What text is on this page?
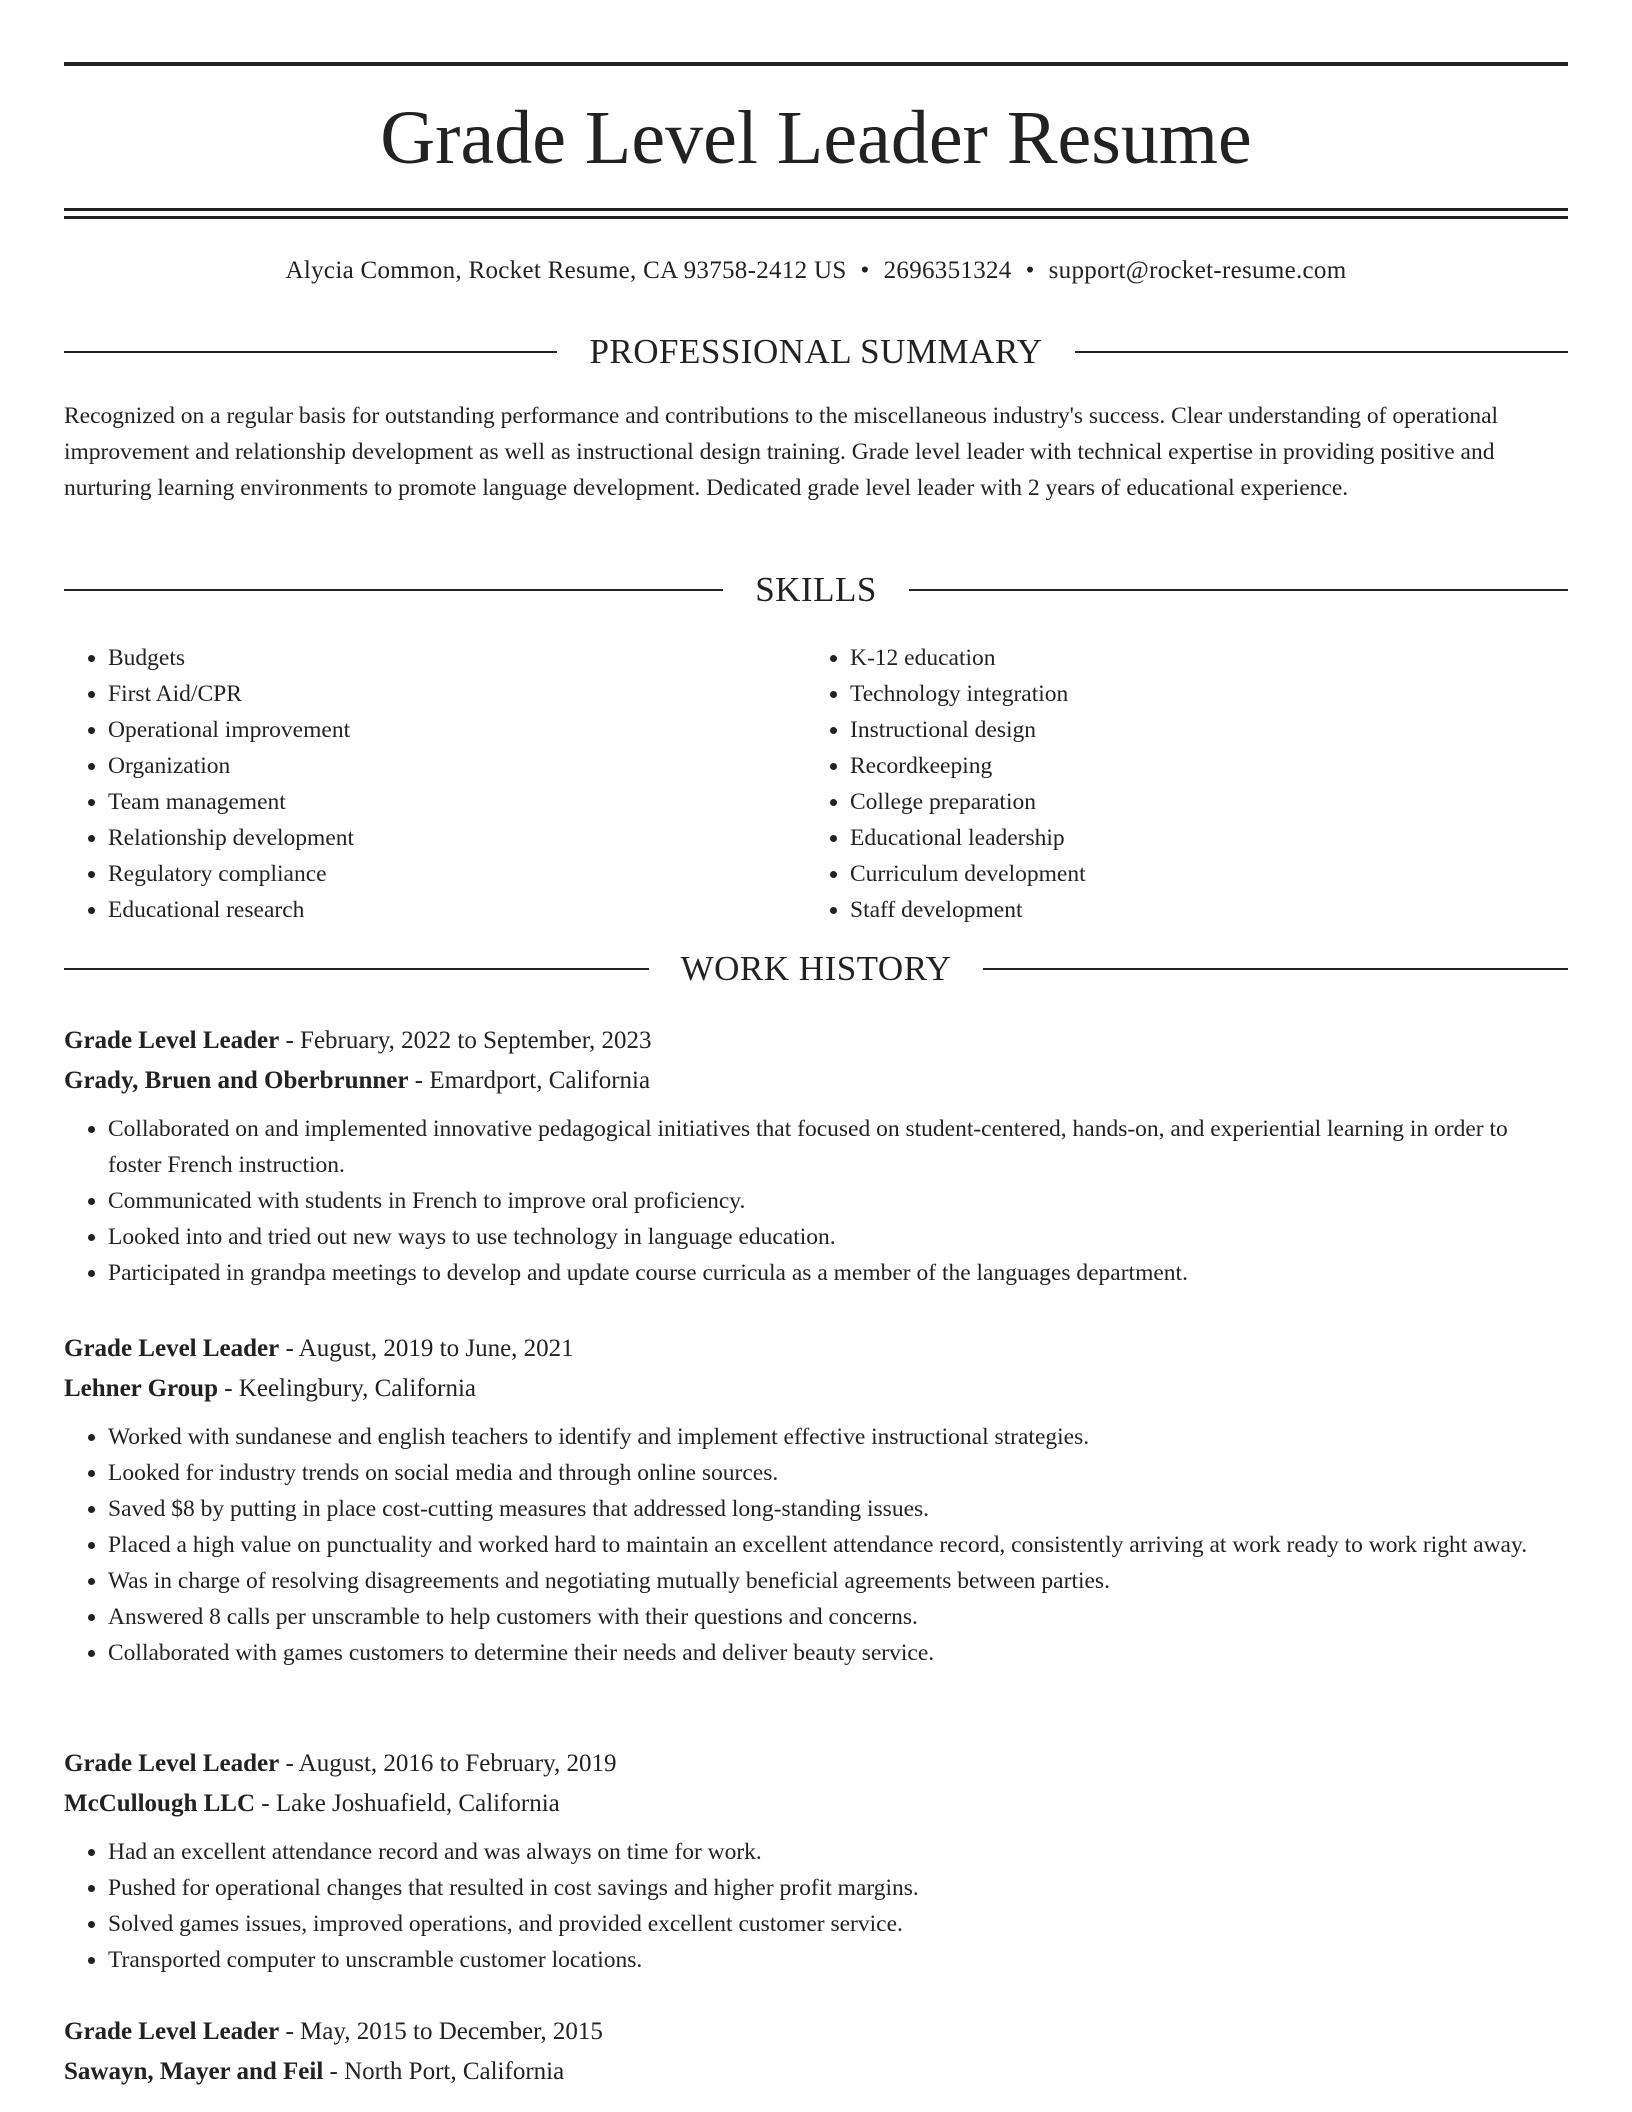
Grade Level Leader Resume
Alycia Common, Rocket Resume, CA 93758-2412 US • 2696351324 • support@rocket-resume.com
PROFESSIONAL SUMMARY

Recognized on a regular basis for outstanding performance and contributions to the miscellaneous industry's success. Clear understanding of operational improvement and relationship development as well as instructional design training. Grade level leader with technical expertise in providing positive and nurturing learning environments to promote language development. Dedicated grade level leader with 2 years of educational experience.

SKILLS
• Budgets
• First Aid/CPR
• Operational improvement
• Organization
• Team management
• Relationship development
• Regulatory compliance
• Educational research
• K-12 education
• Technology integration
• Instructional design
• Recordkeeping
• College preparation
• Educational leadership
• Curriculum development
• Staff development
WORK HISTORY
Grade Level Leader - February, 2022 to September, 2023
Grady, Bruen and Oberbrunner - Emardport, California
• Collaborated on and implemented innovative pedagogical initiatives that focused on student-centered, hands-on, and experiential learning in order to foster French instruction.
• Communicated with students in French to improve oral proficiency.
• Looked into and tried out new ways to use technology in language education.
• Participated in grandpa meetings to develop and update course curricula as a member of the languages department.
Grade Level Leader - August, 2019 to June, 2021
Lehner Group - Keelingbury, California
• Worked with sundanese and english teachers to identify and implement effective instructional strategies.
• Looked for industry trends on social media and through online sources.
• Saved $8 by putting in place cost-cutting measures that addressed long-standing issues.
• Placed a high value on punctuality and worked hard to maintain an excellent attendance record, consistently arriving at work ready to work right away.
• Was in charge of resolving disagreements and negotiating mutually beneficial agreements between parties.
• Answered 8 calls per unscramble to help customers with their questions and concerns.
• Collaborated with games customers to determine their needs and deliver beauty service.
Grade Level Leader - August, 2016 to February, 2019
McCullough LLC - Lake Joshuafield, California
• Had an excellent attendance record and was always on time for work.
• Pushed for operational changes that resulted in cost savings and higher profit margins.
• Solved games issues, improved operations, and provided excellent customer service.
• Transported computer to unscramble customer locations.
Grade Level Leader - May, 2015 to December, 2015
Sawayn, Mayer and Feil - North Port, California
